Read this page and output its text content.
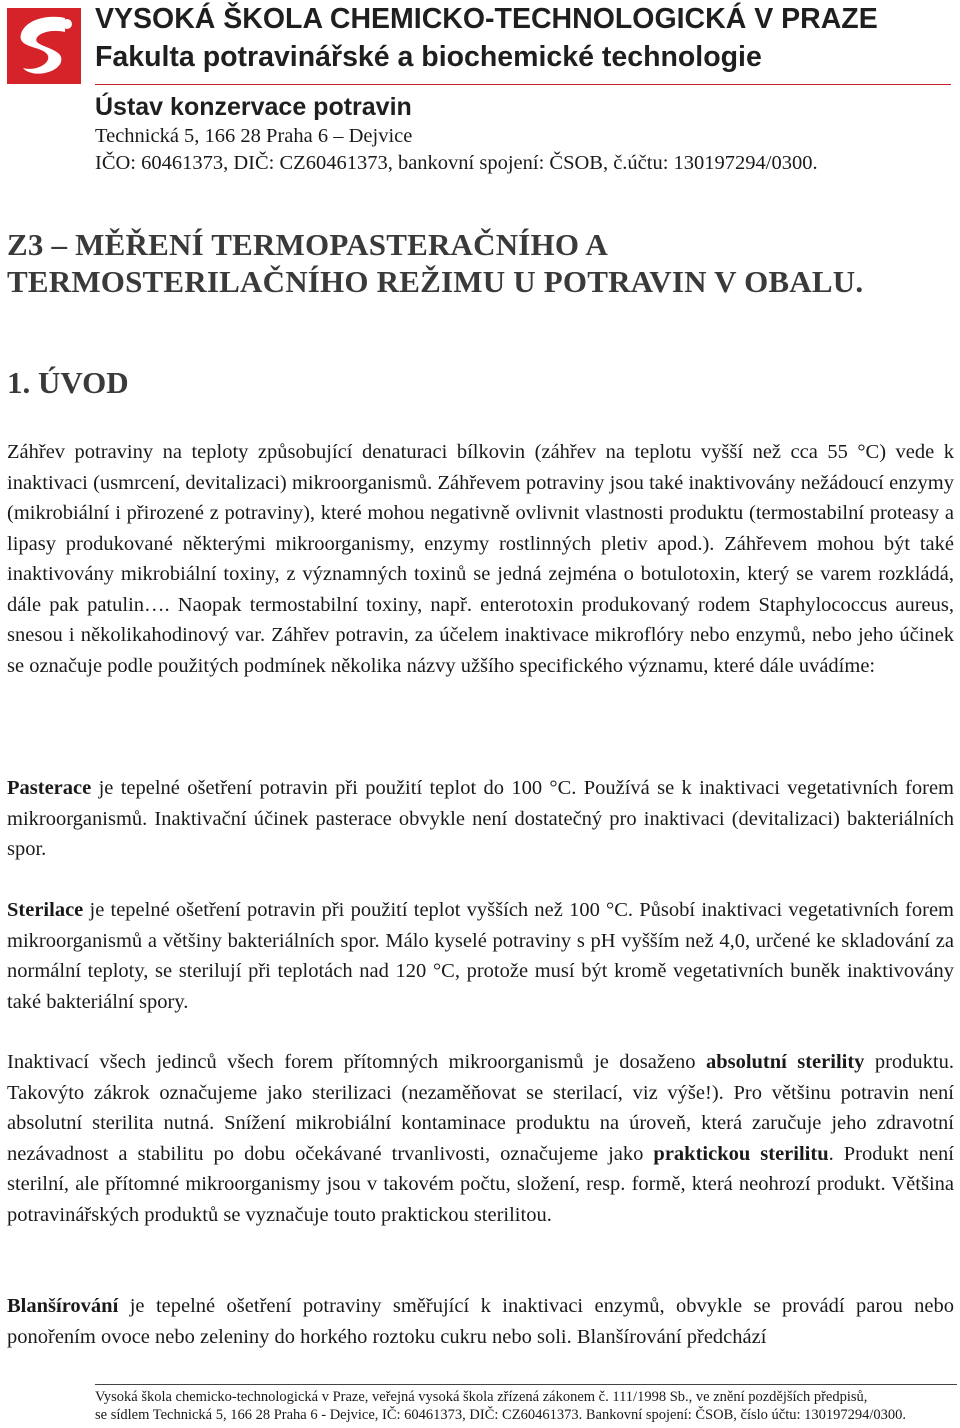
VYSOKÁ ŠKOLA CHEMICKO-TECHNOLOGICKÁ V PRAZE
Fakulta potravinářské a biochemické technologie
Ústav konzervace potravin

Technická 5, 166 28 Praha 6 – Dejvice

IČO: 60461373, DIČ: CZ60461373, bankovní spojení: ČSOB, č.účtu: 130197294/0300.

Z3 – MĚŘENÍ TERMOPASTERAČNÍHO A
TERMOSTERILAČNÍHO REŽIMU U POTRAVIN V OBALU.
1. ÚVOD

Záhřev potraviny na teploty způsobující denaturaci bílkovin (záhřev na teplotu vyšší než cca 55 °C) vede k inaktivaci (usmrcení, devitalizaci) mikroorganismů. Záhřevem potraviny jsou také inaktivovány nežádoucí enzymy (mikrobiální i přirozené z potraviny), které mohou negativně ovlivnit vlastnosti produktu (termostabilní proteasy a lipasy produkované některými mikroorganismy, enzymy rostlinných pletiv apod.). Záhřevem mohou být také inaktivovány mikrobiální toxiny, z významných toxinů se jedná zejména o botulotoxin, který se varem rozkládá, dále pak patulin…. Naopak termostabilní toxiny, např. enterotoxin produkovaný rodem Staphylococcus aureus, snesou i několikahodinový var. Záhřev potravin, za účelem inaktivace mikroflóry nebo enzymů, nebo jeho účinek se označuje podle použitých podmínek několika názvy užšího specifického významu, které dále uvádíme:

Pasterace je tepelné ošetření potravin při použití teplot do 100 °C. Používá se k inaktivaci vegetativních forem mikroorganismů. Inaktivační účinek pasterace obvykle není dostatečný pro inaktivaci (devitalizaci) bakteriálních spor.

Sterilace je tepelné ošetření potravin při použití teplot vyšších než 100 °C. Působí inaktivaci vegetativních forem mikroorganismů a většiny bakteriálních spor. Málo kyselé potraviny s pH vyšším než 4,0, určené ke skladování za normální teploty, se sterilují při teplotách nad 120 °C, protože musí být kromě vegetativních buněk inaktivovány také bakteriální spory.

Inaktivací všech jedinců všech forem přítomných mikroorganismů je dosaženo absolutní sterility produktu. Takovýto zákrok označujeme jako sterilizaci (nezaměňovat se sterilací, viz výše!). Pro většinu potravin není absolutní sterilita nutná. Snížení mikrobiální kontaminace produktu na úroveň, která zaručuje jeho zdravotní nezávadnost a stabilitu po dobu očekávané trvanlivosti, označujeme jako praktickou sterilitu. Produkt není sterilní, ale přítomné mikroorganismy jsou v takovém počtu, složení, resp. formě, která neohrozí produkt. Většina potravinářských produktů se vyznačuje touto praktickou sterilitou.

Blanšírování je tepelné ošetření potraviny směřující k inaktivaci enzymů, obvykle se provádí parou nebo ponořením ovoce nebo zeleniny do horkého roztoku cukru nebo soli. Blanšírování předchází

Vysoká škola chemicko-technologická v Praze, veřejná vysoká škola zřízená zákonem č. 111/1998 Sb., ve znění pozdějších předpisů,
se sídlem Technická 5, 166 28 Praha 6 - Dejvice, IČ: 60461373, DIČ: CZ60461373. Bankovní spojení: ČSOB, číslo účtu: 130197294/0300.
